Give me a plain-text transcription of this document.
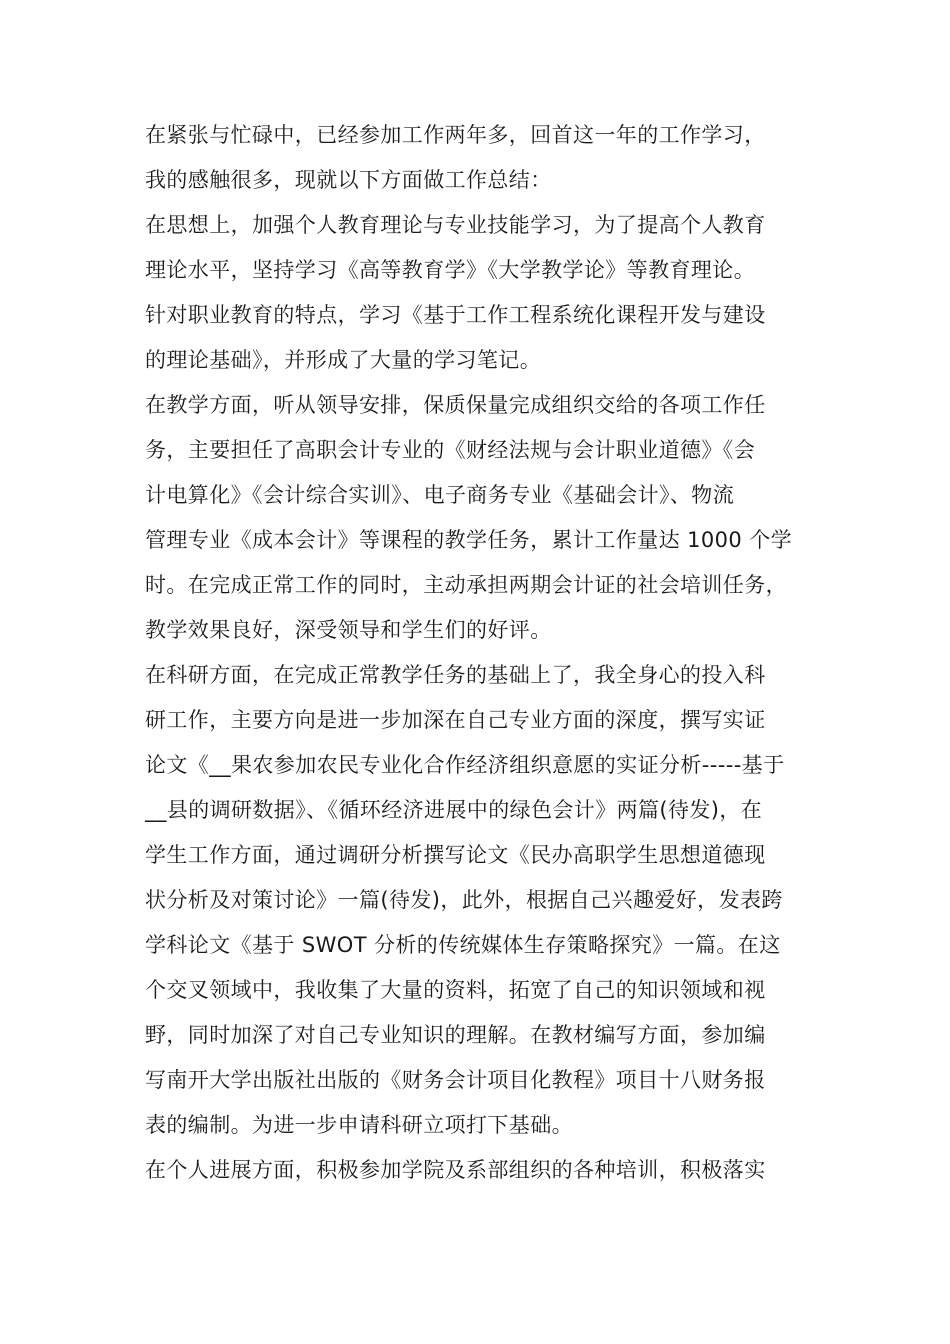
在紧张与忙碌中，已经参加工作两年多，回首这一年的工作学习，
我的感触很多，现就以下方面做工作总结：
在思想上，加强个人教育理论与专业技能学习，为了提高个人教育
理论水平，坚持学习《高等教育学》《大学教学论》等教育理论。
针对职业教育的特点，学习《基于工作工程系统化课程开发与建设
的理论基础》，并形成了大量的学习笔记。
在教学方面，听从领导安排，保质保量完成组织交给的各项工作任
务，主要担任了高职会计专业的《财经法规与会计职业道德》《会
计电算化》《会计综合实训》、电子商务专业《基础会计》、物流
管理专业《成本会计》等课程的教学任务，累计工作量达 1000 个学
时。在完成正常工作的同时，主动承担两期会计证的社会培训任务，
教学效果良好，深受领导和学生们的好评。
在科研方面，在完成正常教学任务的基础上了，我全身心的投入科
研工作，主要方向是进一步加深在自己专业方面的深度，撰写实证
论文《__果农参加农民专业化合作经济组织意愿的实证分析-----基于
__县的调研数据》、《循环经济进展中的绿色会计》两篇(待发)，在
学生工作方面，通过调研分析撰写论文《民办高职学生思想道德现
状分析及对策讨论》一篇(待发)，此外，根据自己兴趣爱好，发表跨
学科论文《基于 SWOT 分析的传统媒体生存策略探究》一篇。在这
个交叉领域中，我收集了大量的资料，拓宽了自己的知识领域和视
野，同时加深了对自己专业知识的理解。在教材编写方面，参加编
写南开大学出版社出版的《财务会计项目化教程》项目十八财务报
表的编制。为进一步申请科研立项打下基础。
在个人进展方面，积极参加学院及系部组织的各种培训，积极落实
